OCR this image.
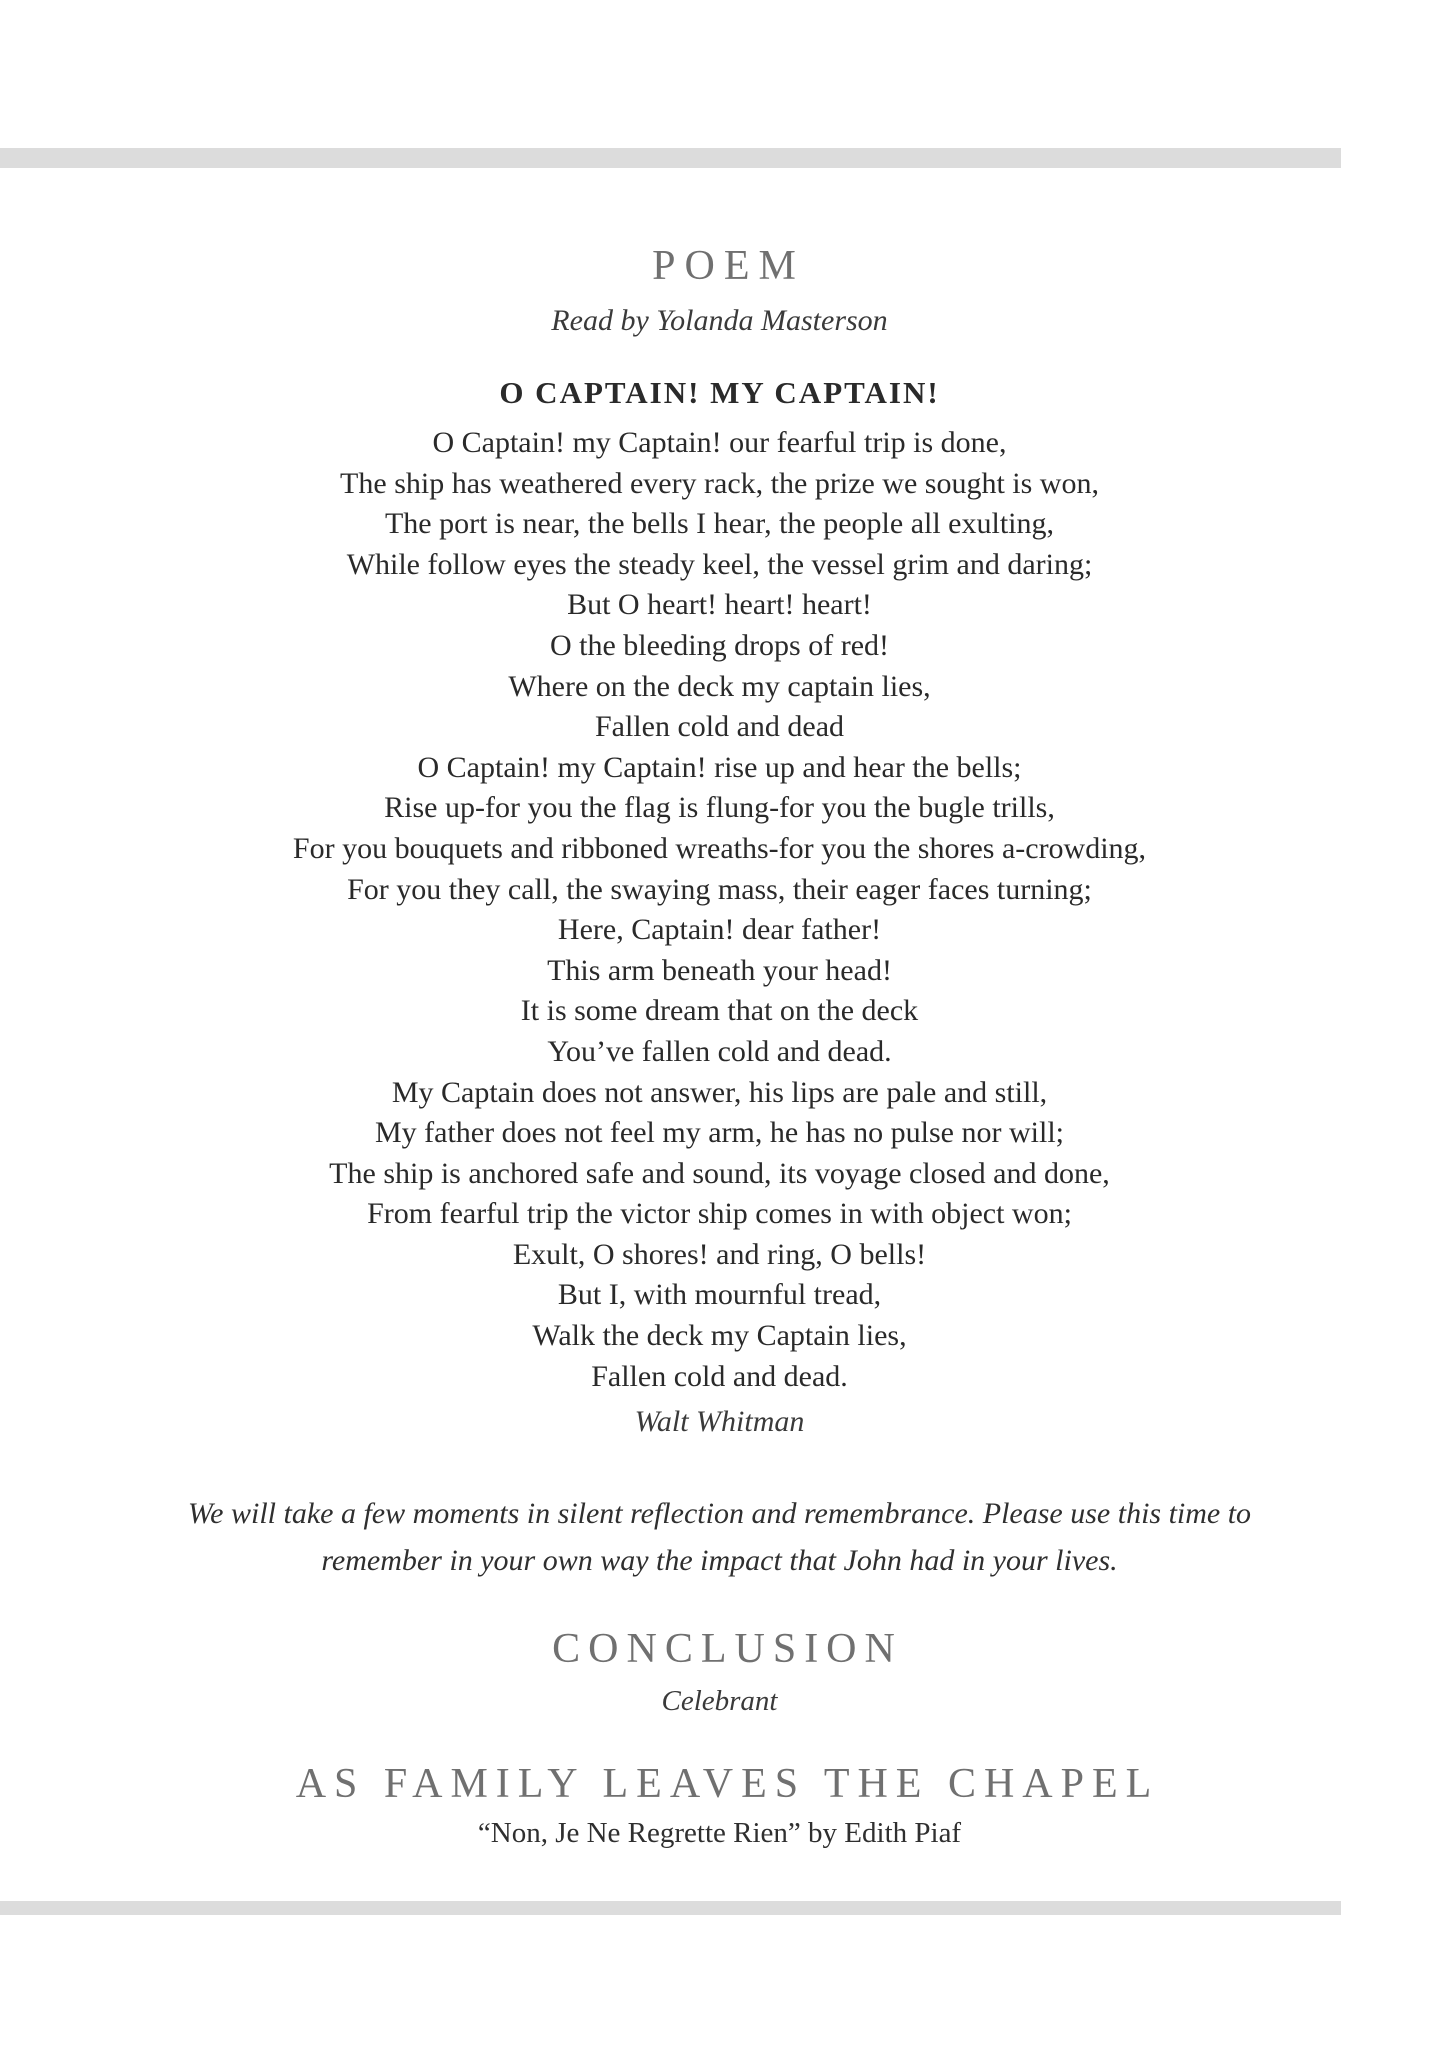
POEM

Read by Yolanda Masterson

O CAPTAIN! MY CAPTAIN!
O Captain! my Captain! our fearful trip is done,
The ship has weathered every rack, the prize we sought is won,
The port is near, the bells I hear, the people all exulting,
While follow eyes the steady keel, the vessel grim and daring;
But O heart! heart! heart!
O the bleeding drops of red!
Where on the deck my captain lies,
Fallen cold and dead
O Captain! my Captain! rise up and hear the bells;
Rise up-for you the flag is flung-for you the bugle trills,
For you bouquets and ribboned wreaths-for you the shores a-crowding,
For you they call, the swaying mass, their eager faces turning;
Here, Captain! dear father!
This arm beneath your head!
It is some dream that on the deck
You’ve fallen cold and dead.
My Captain does not answer, his lips are pale and still,
My father does not feel my arm, he has no pulse nor will;
The ship is anchored safe and sound, its voyage closed and done,
From fearful trip the victor ship comes in with object won;
Exult, O shores! and ring, O bells!
But I, with mournful tread,
Walk the deck my Captain lies,
Fallen cold and dead.

Walt Whitman

We will take a few moments in silent reflection and remembrance. Please use this time to
remember in your own way the impact that John had in your lives.
CONCLUSION

Celebrant

AS FAMILY LEAVES THE CHAPEL

“Non, Je Ne Regrette Rien” by Edith Piaf
